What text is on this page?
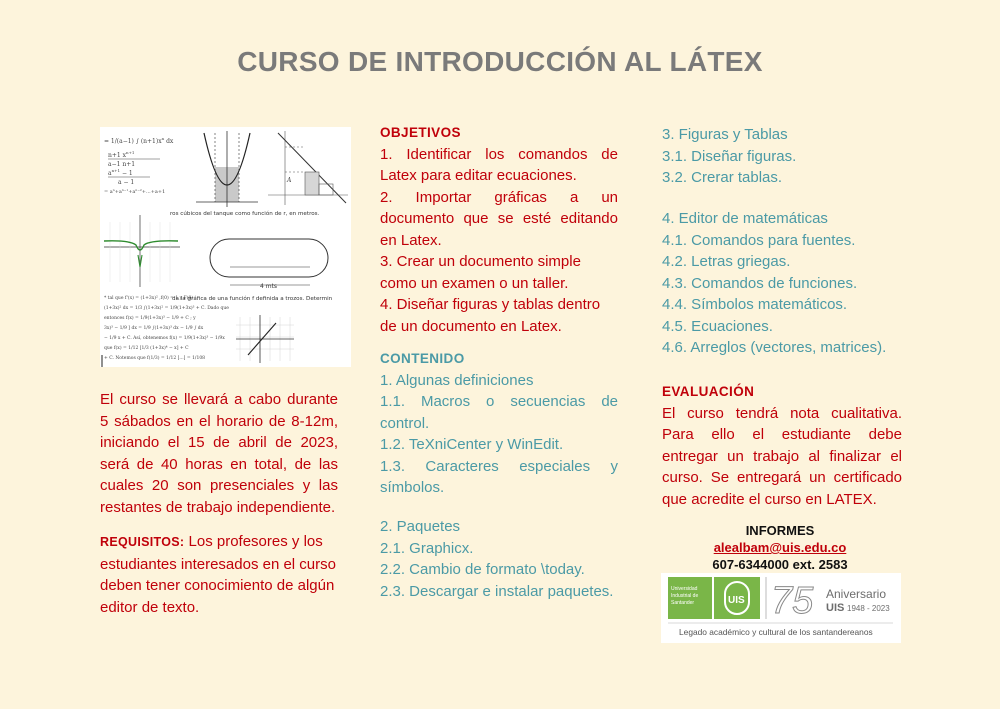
CURSO DE INTRODUCCIÓN AL LÁTEX
= 1/(a−1) ∫ $(n+1)x^n$ dx
n+1 $x^{n+1}$
a−1 n+1
$a^{n+1} - 1$
a − 1
= $a^n+a^{n-1}+a^{n-2}+...+a+1$
A
ros cúbicos del tanque como función de r, en metros.
4 mts
* tal que f'(x) = (1+3x)² ,f(0) = 1 y F(0)
(1+3x)² dx = 1/3 ∫(1+3x)² = 1/9(1+3x)³ + C. Dado que
entonces f(x) = 1/9(1+3x)³ − 1/9 + C ; y
3x)³ − 1/9 ] dx = 1/9 ∫(1+3x)³ dx − 1/9 ∫ dx
− 1/9 x + C. Así, obtenemos f(x) = 1/9(1+3x)³ − 1/9x
que f(x) = 1/12 [1/3 (1+3x)⁴ − x] + C
+ C. Notemos que f(1/3) = 1/12 [...] = 1/108
da la gráfica de una función f definida a trozos. Determin

El curso se llevará a cabo durante 5 sábados en el horario de 8-12m, iniciando el 15 de abril de 2023, será de 40 horas en total, de las cuales 20 son presenciales y las restantes de trabajo independiente.

REQUISITOS: Los profesores y los estudiantes interesados en el curso deben tener conocimiento de algún editor de texto.

OBJETIVOS

1. Identificar los comandos de Latex para editar ecuaciones.

2. Importar gráficas a un documento que se esté editando en Latex.

3. Crear un documento simple como un examen o un taller.

4. Diseñar figuras y tablas dentro de un documento en Latex.

CONTENIDO

1. Algunas definiciones

1.1. Macros o secuencias de control.

1.2. TeXniCenter y WinEdit.

1.3. Caracteres especiales y símbolos.

2. Paquetes

2.1. Graphicx.

2.2. Cambio de formato \today.

2.3. Descargar e instalar paquetes.

3. Figuras y Tablas

3.1. Diseñar figuras.

3.2. Crerar tablas.

4. Editor de matemáticas

4.1. Comandos para fuentes.

4.2. Letras griegas.

4.3. Comandos de funciones.

4.4. Símbolos matemáticos.

4.5. Ecuaciones.

4.6. Arreglos (vectores, matrices).

EVALUACIÓN

El curso tendrá nota cualitativa. Para ello el estudiante debe entregar un trabajo al finalizar el curso. Se entregará un certificado que acredite el curso en LATEX.

INFORMES
alealbam@uis.edu.co
607-6344000 ext. 2583
Universidad
Industrial de
Santander	UIS 75 Aniversario
UIS 1948 - 2023
Legado académico y cultural de los santandereanos
